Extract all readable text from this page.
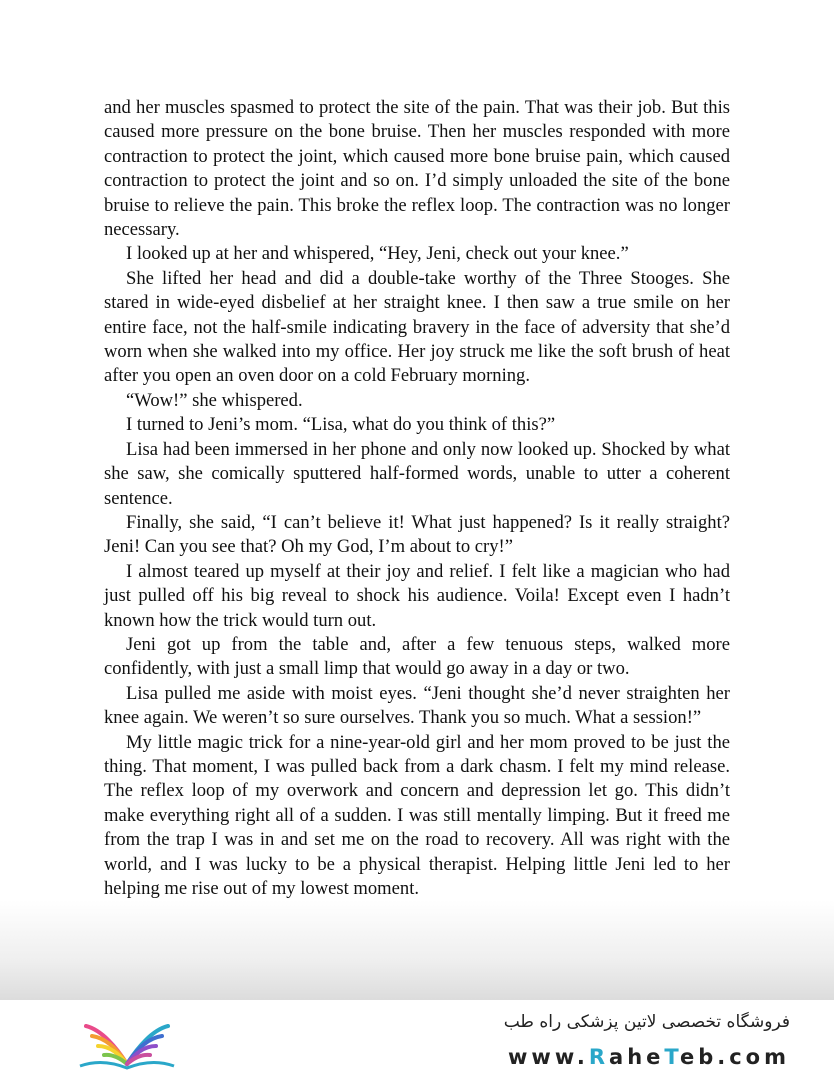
and her muscles spasmed to protect the site of the pain. That was their job. But this caused more pressure on the bone bruise. Then her muscles responded with more contraction to protect the joint, which caused more bone bruise pain, which caused contraction to protect the joint and so on. I’d simply unloaded the site of the bone bruise to relieve the pain. This broke the reflex loop. The contraction was no longer necessary.

I looked up at her and whispered, “Hey, Jeni, check out your knee.”

She lifted her head and did a double-take worthy of the Three Stooges. She stared in wide-eyed disbelief at her straight knee. I then saw a true smile on her entire face, not the half-smile indicating bravery in the face of adversity that she’d worn when she walked into my office. Her joy struck me like the soft brush of heat after you open an oven door on a cold February morning.

“Wow!” she whispered.

I turned to Jeni’s mom. “Lisa, what do you think of this?”

Lisa had been immersed in her phone and only now looked up. Shocked by what she saw, she comically sputtered half-formed words, unable to utter a coherent sentence.

Finally, she said, “I can’t believe it! What just happened? Is it really straight? Jeni! Can you see that? Oh my God, I’m about to cry!”

I almost teared up myself at their joy and relief. I felt like a magician who had just pulled off his big reveal to shock his audience. Voila! Except even I hadn’t known how the trick would turn out.

Jeni got up from the table and, after a few tenuous steps, walked more confidently, with just a small limp that would go away in a day or two.

Lisa pulled me aside with moist eyes. “Jeni thought she’d never straighten her knee again. We weren’t so sure ourselves. Thank you so much. What a session!”

My little magic trick for a nine-year-old girl and her mom proved to be just the thing. That moment, I was pulled back from a dark chasm. I felt my mind release. The reflex loop of my overwork and concern and depression let go. This didn’t make everything right all of a sudden. I was still mentally limping. But it freed me from the trap I was in and set me on the road to recovery. All was right with the world, and I was lucky to be a physical therapist. Helping little Jeni led to her helping me rise out of my lowest moment.

فروشگاه تخصصی لاتین پزشکی راه طب
www.RaheTeb.com
